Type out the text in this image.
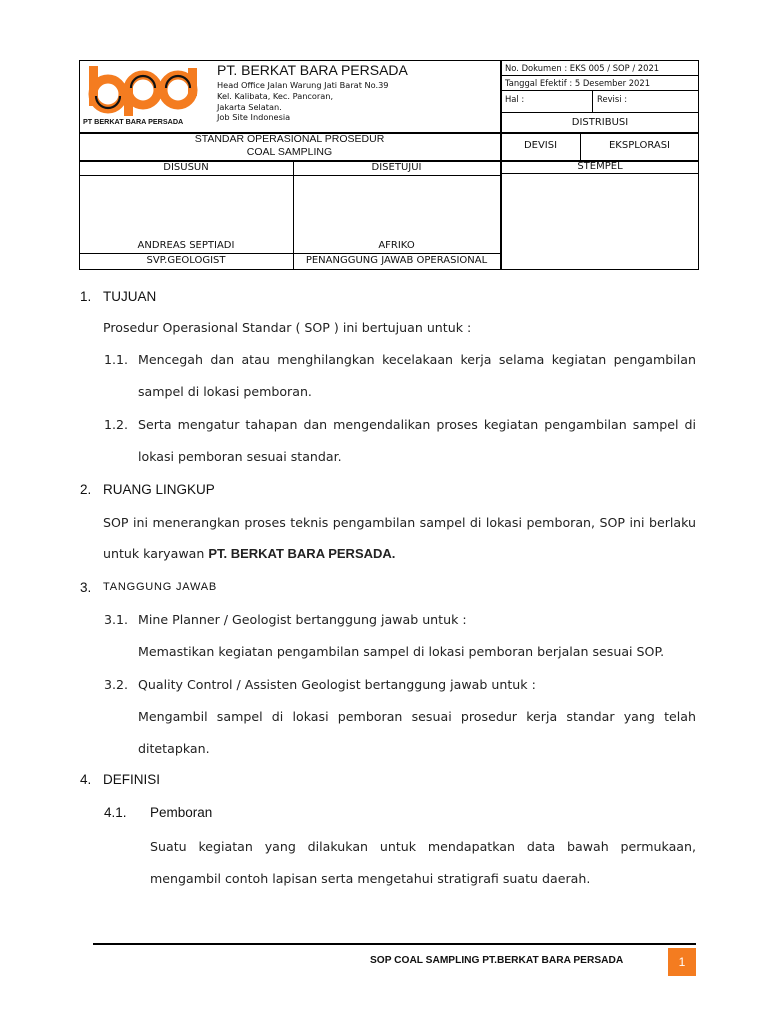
PT BERKAT BARA PERSADA
PT. BERKAT BARA PERSADA
Head Office Jalan Warung Jati Barat No.39
Kel. Kalibata, Kec. Pancoran,
Jakarta Selatan.
Job Site Indonesia
No. Dokumen : EKS 005 / SOP / 2021
Tanggal Efektif : 5 Desember 2021
Hal :	Revisi :
DISTRIBUSI
DEVISI	EKSPLORASI
STANDAR OPERASIONAL PROSEDUR
COAL SAMPLING
DISUSUN	DISETUJUI	STEMPEL
ANDREAS SEPTIADI	AFRIKO
SVP.GEOLOGIST	PENANGGUNG JAWAB OPERASIONAL
1. TUJUAN
Prosedur Operasional Standar ( SOP ) ini bertujuan untuk :
1.1. Mencegah dan atau menghilangkan kecelakaan kerja selama kegiatan pengambilan
sampel di lokasi pemboran.
1.2. Serta mengatur tahapan dan mengendalikan proses kegiatan pengambilan sampel di
lokasi pemboran sesuai standar.
2. RUANG LINGKUP
SOP ini menerangkan proses teknis pengambilan sampel di lokasi pemboran, SOP ini berlaku
untuk karyawan PT. BERKAT BARA PERSADA.
3. TANGGUNG JAWAB
3.1. Mine Planner / Geologist bertanggung jawab untuk :
Memastikan kegiatan pengambilan sampel di lokasi pemboran berjalan sesuai SOP.
3.2. Quality Control / Assisten Geologist bertanggung jawab untuk :
Mengambil sampel di lokasi pemboran sesuai prosedur kerja standar yang telah
ditetapkan.
4. DEFINISI
4.1. Pemboran
Suatu kegiatan yang dilakukan untuk mendapatkan data bawah permukaan,
mengambil contoh lapisan serta mengetahui stratigrafi suatu daerah.
SOP COAL SAMPLING PT.BERKAT BARA PERSADA	1
